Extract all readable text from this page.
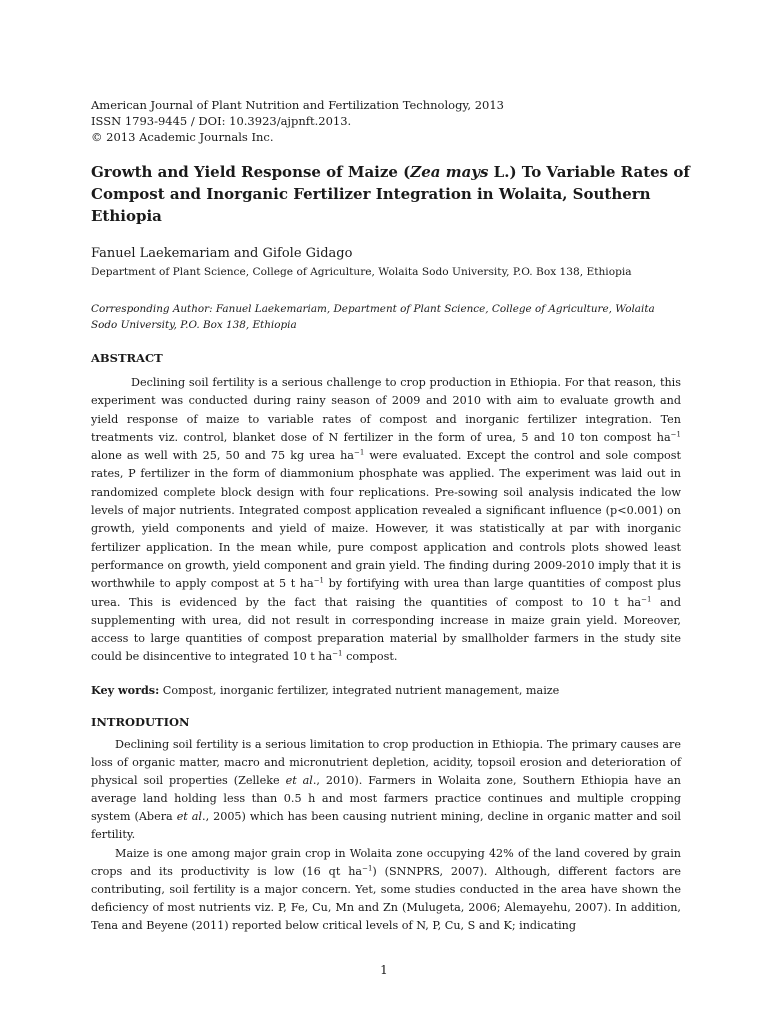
American Journal of Plant Nutrition and Fertilization Technology, 2013
ISSN 1793-9445 / DOI: 10.3923/ajpnft.2013.
© 2013 Academic Journals Inc.
Growth and Yield Response of Maize (Zea mays L.) To Variable Rates of Compost and Inorganic Fertilizer Integration in Wolaita, Southern Ethiopia
Fanuel Laekemariam and Gifole Gidago
Department of Plant Science, College of Agriculture, Wolaita Sodo University, P.O. Box 138, Ethiopia
Corresponding Author: Fanuel Laekemariam, Department of Plant Science, College of Agriculture, Wolaita Sodo University, P.O. Box 138, Ethiopia
ABSTRACT
Declining soil fertility is a serious challenge to crop production in Ethiopia. For that reason, this experiment was conducted during rainy season of 2009 and 2010 with aim to evaluate growth and yield response of maize to variable rates of compost and inorganic fertilizer integration. Ten treatments viz. control, blanket dose of N fertilizer in the form of urea, 5 and 10 ton compost $ha^{-1}$ alone as well with 25, 50 and 75 kg urea $ha^{-1}$ were evaluated. Except the control and sole compost rates, P fertilizer in the form of diammonium phosphate was applied. The experiment was laid out in randomized complete block design with four replications. Pre-sowing soil analysis indicated the low levels of major nutrients. Integrated compost application revealed a significant influence (p<0.001) on growth, yield components and yield of maize. However, it was statistically at par with inorganic fertilizer application. In the mean while, pure compost application and controls plots showed least performance on growth, yield component and grain yield. The finding during 2009-2010 imply that it is worthwhile to apply compost at 5 t $ha^{-1}$ by fortifying with urea than large quantities of compost plus urea. This is evidenced by the fact that raising the quantities of compost to 10 t $ha^{-1}$ and supplementing with urea, did not result in corresponding increase in maize grain yield. Moreover, access to large quantities of compost preparation material by smallholder farmers in the study site could be disincentive to integrated 10 t $ha^{-1}$ compost.
Key words: Compost, inorganic fertilizer, integrated nutrient management, maize
INTRODUTION

Declining soil fertility is a serious limitation to crop production in Ethiopia. The primary causes are loss of organic matter, macro and micronutrient depletion, acidity, topsoil erosion and deterioration of physical soil properties (Zelleke et al., 2010). Farmers in Wolaita zone, Southern Ethiopia have an average land holding less than 0.5 h and most farmers practice continues and multiple cropping system (Abera et al., 2005) which has been causing nutrient mining, decline in organic matter and soil fertility.

Maize is one among major grain crop in Wolaita zone occupying 42% of the land covered by grain crops and its productivity is low (16 qt $ha^{-1}$) (SNNPRS, 2007). Although, different factors are contributing, soil fertility is a major concern. Yet, some studies conducted in the area have shown the deficiency of most nutrients viz. P, Fe, Cu, Mn and Zn (Mulugeta, 2006; Alemayehu, 2007). In addition, Tena and Beyene (2011) reported below critical levels of N, P, Cu, S and K; indicating

1
